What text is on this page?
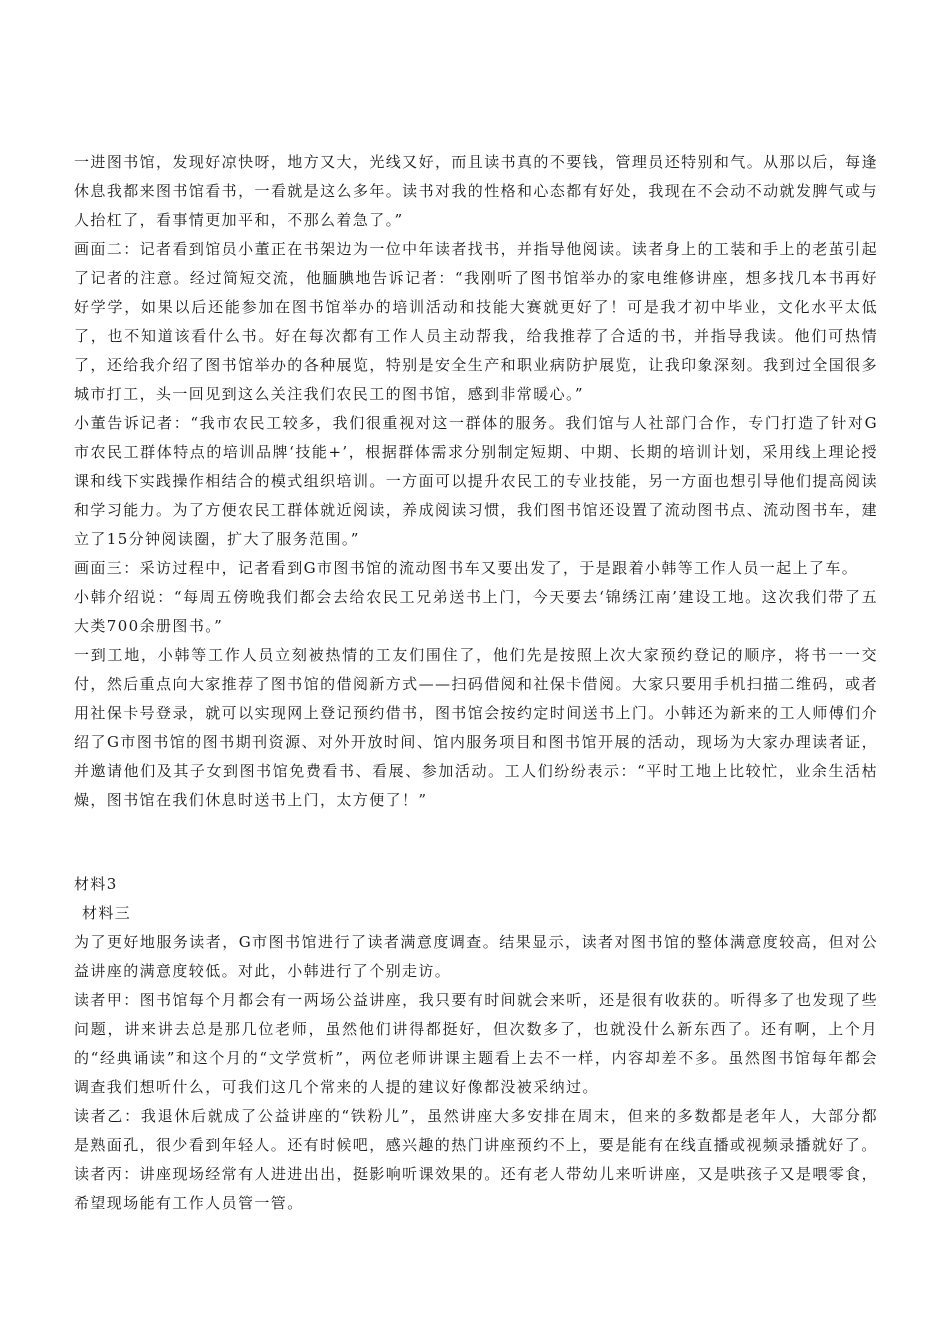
一进图书馆，发现好凉快呀，地方又大，光线又好，而且读书真的不要钱，管理员还特别和气。从那以后，每逢休息我都来图书馆看书，一看就是这么多年。读书对我的性格和心态都有好处，我现在不会动不动就发脾气或与人抬杠了，看事情更加平和，不那么着急了。”

画面二：记者看到馆员小董正在书架边为一位中年读者找书，并指导他阅读。读者身上的工装和手上的老茧引起了记者的注意。经过简短交流，他腼腆地告诉记者：“我刚听了图书馆举办的家电维修讲座，想多找几本书再好好学学，如果以后还能参加在图书馆举办的培训活动和技能大赛就更好了！可是我才初中毕业，文化水平太低了，也不知道该看什么书。好在每次都有工作人员主动帮我，给我推荐了合适的书，并指导我读。他们可热情了，还给我介绍了图书馆举办的各种展览，特别是安全生产和职业病防护展览，让我印象深刻。我到过全国很多城市打工，头一回见到这么关注我们农民工的图书馆，感到非常暖心。”

小董告诉记者：“我市农民工较多，我们很重视对这一群体的服务。我们馆与人社部门合作，专门打造了针对G市农民工群体特点的培训品牌‘技能+’，根据群体需求分别制定短期、中期、长期的培训计划，采用线上理论授课和线下实践操作相结合的模式组织培训。一方面可以提升农民工的专业技能，另一方面也想引导他们提高阅读和学习能力。为了方便农民工群体就近阅读，养成阅读习惯，我们图书馆还设置了流动图书点、流动图书车，建立了15分钟阅读圈，扩大了服务范围。”

画面三：采访过程中，记者看到G市图书馆的流动图书车又要出发了，于是跟着小韩等工作人员一起上了车。

小韩介绍说：“每周五傍晚我们都会去给农民工兄弟送书上门，今天要去‘锦绣江南’建设工地。这次我们带了五大类700余册图书。”

一到工地，小韩等工作人员立刻被热情的工友们围住了，他们先是按照上次大家预约登记的顺序，将书一一交付，然后重点向大家推荐了图书馆的借阅新方式——扫码借阅和社保卡借阅。大家只要用手机扫描二维码，或者用社保卡号登录，就可以实现网上登记预约借书，图书馆会按约定时间送书上门。小韩还为新来的工人师傅们介绍了G市图书馆的图书期刊资源、对外开放时间、馆内服务项目和图书馆开展的活动，现场为大家办理读者证，并邀请他们及其子女到图书馆免费看书、看展、参加活动。工人们纷纷表示：“平时工地上比较忙，业余生活枯燥，图书馆在我们休息时送书上门，太方便了！”

材料3

材料三

为了更好地服务读者，G市图书馆进行了读者满意度调查。结果显示，读者对图书馆的整体满意度较高，但对公益讲座的满意度较低。对此，小韩进行了个别走访。

读者甲：图书馆每个月都会有一两场公益讲座，我只要有时间就会来听，还是很有收获的。听得多了也发现了些问题，讲来讲去总是那几位老师，虽然他们讲得都挺好，但次数多了，也就没什么新东西了。还有啊，上个月的“经典诵读”和这个月的“文学赏析”，两位老师讲课主题看上去不一样，内容却差不多。虽然图书馆每年都会调查我们想听什么，可我们这几个常来的人提的建议好像都没被采纳过。

读者乙：我退休后就成了公益讲座的“铁粉儿”，虽然讲座大多安排在周末，但来的多数都是老年人，大部分都是熟面孔，很少看到年轻人。还有时候吧，感兴趣的热门讲座预约不上，要是能有在线直播或视频录播就好了。

读者丙：讲座现场经常有人进进出出，挺影响听课效果的。还有老人带幼儿来听讲座，又是哄孩子又是喂零食，希望现场能有工作人员管一管。
